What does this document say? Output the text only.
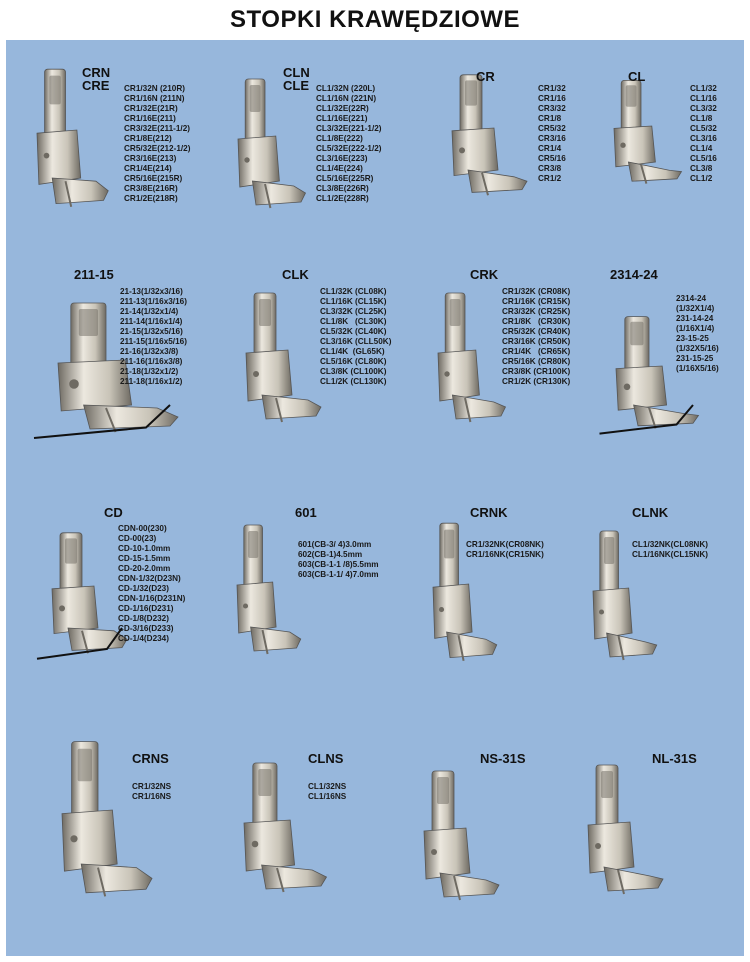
STOPKI KRAWĘDZIOWE
CRN
CRE CR1/32N (210R)
CR1/16N (211N)
CR1/32E(21R)
CR1/16E(211)
CR3/32E(211-1/2)
CR1/8E(212)
CR5/32E(212-1/2)
CR3/16E(213)
CR1/4E(214)
CR5/16E(215R)
CR3/8E(216R)
CR1/2E(218R)
CLN
CLE CL1/32N (220L)
CL1/16N (221N)
CL1/32E(22R)
CL1/16E(221)
CL3/32E(221-1/2)
CL1/8E(222)
CL5/32E(222-1/2)
CL3/16E(223)
CL1/4E(224)
CL5/16E(225R)
CL3/8E(226R)
CL1/2E(228R)
CR
CR1/32
CR1/16
CR3/32
CR1/8
CR5/32
CR3/16
CR1/4
CR5/16
CR3/8
CR1/2
CL
CL1/32
CL1/16
CL3/32
CL1/8
CL5/32
CL3/16
CL1/4
CL5/16
CL3/8
CL1/2
211-15
21-13(1/32x3/16)
211-13(1/16x3/16)
21-14(1/32x1/4)
211-14(1/16x1/4)
21-15(1/32x5/16)
211-15(1/16x5/16)
21-16(1/32x3/8)
211-16(1/16x3/8)
21-18(1/32x1/2)
211-18(1/16x1/2)
CLK
CL1/32K (CL08K)
CL1/16K (CL15K)
CL3/32K (CL25K)
CL1/8K   (CL30K)
CL5/32K (CL40K)
CL3/16K (CLL50K)
CL1/4K  (GL65K)
CL5/16K (CL80K)
CL3/8K (CL100K)
CL1/2K (CL130K)
CRK
CR1/32K (CR08K)
CR1/16K (CR15K)
CR3/32K (CR25K)
CR1/8K   (CR30K)
CR5/32K (CR40K)
CR3/16K (CR50K)
CR1/4K   (CR65K)
CR5/16K (CR80K)
CR3/8K (CR100K)
CR1/2K (CR130K)
2314-24
2314-24
(1/32X1/4)
231-14-24
(1/16X1/4)
23-15-25
(1/32X5/16)
231-15-25
(1/16X5/16)
CD
CDN-00(230)
CD-00(23)
CD-10-1.0mm
CD-15-1.5mm
CD-20-2.0mm
CDN-1/32(D23N)
CD-1/32(D23)
CDN-1/16(D231N)
CD-1/16(D231)
CD-1/8(D232)
CD-3/16(D233)
CD-1/4(D234)
601
601(CB-3/ 4)3.0mm
602(CB-1)4.5mm
603(CB-1-1 /8)5.5mm
603(CB-1-1/ 4)7.0mm
CRNK
CR1/32NK(CR08NK)
CR1/16NK(CR15NK)
CLNK
CL1/32NK(CL08NK)
CL1/16NK(CL15NK)
CRNS
CR1/32NS
CR1/16NS
CLNS
CL1/32NS
CL1/16NS
NS-31S	NL-31S
